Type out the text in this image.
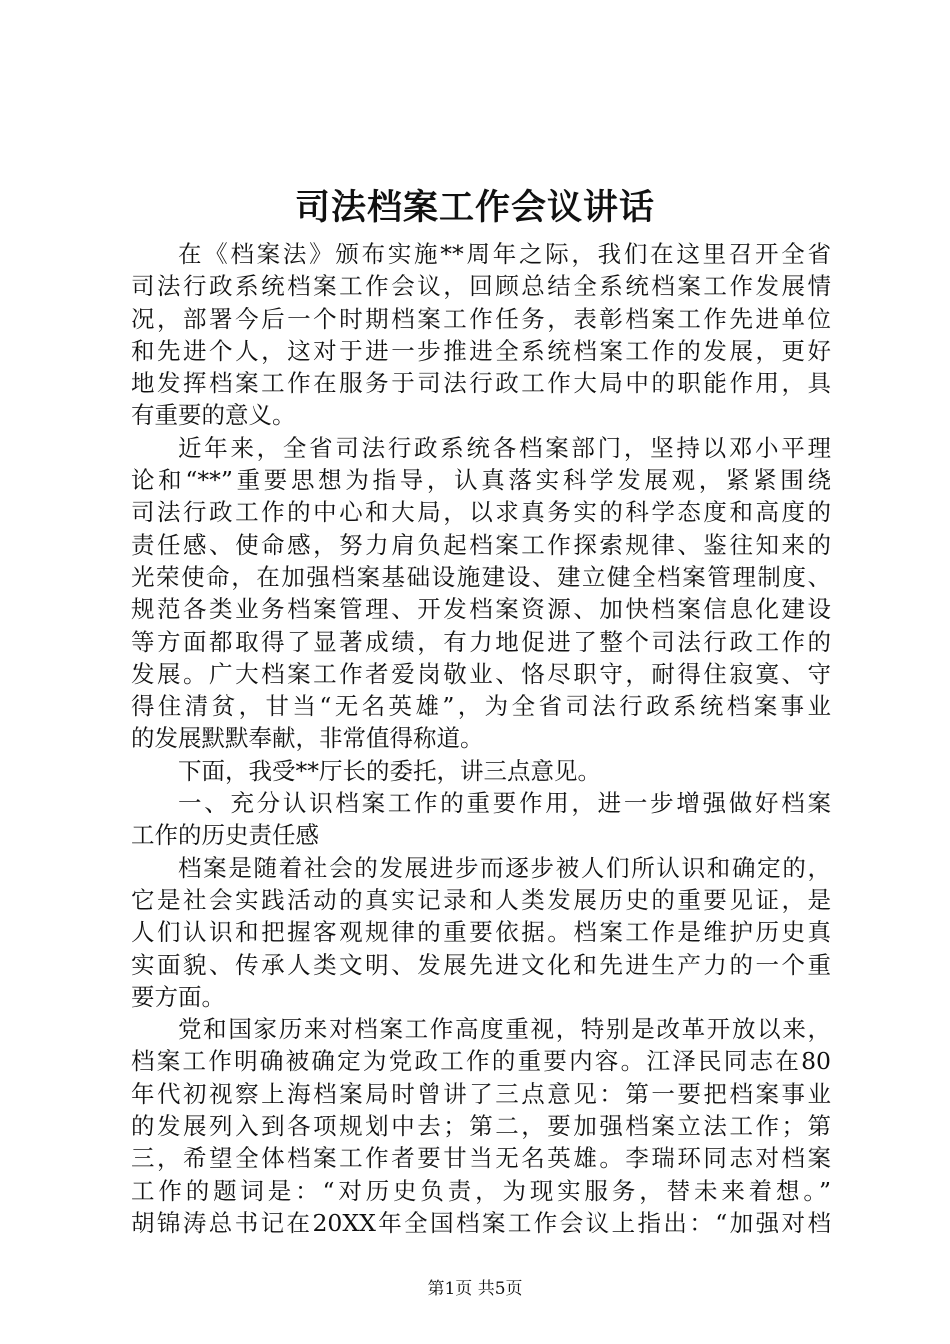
司法档案工作会议讲话
在《档案法》颁布实施**周年之际，我们在这里召开全省
司法行政系统档案工作会议，回顾总结全系统档案工作发展情
况，部署今后一个时期档案工作任务，表彰档案工作先进单位
和先进个人，这对于进一步推进全系统档案工作的发展，更好
地发挥档案工作在服务于司法行政工作大局中的职能作用，具
有重要的意义。
近年来，全省司法行政系统各档案部门，坚持以邓小平理
论和“**”重要思想为指导，认真落实科学发展观，紧紧围绕
司法行政工作的中心和大局，以求真务实的科学态度和高度的
责任感、使命感，努力肩负起档案工作探索规律、鉴往知来的
光荣使命，在加强档案基础设施建设、建立健全档案管理制度、
规范各类业务档案管理、开发档案资源、加快档案信息化建设
等方面都取得了显著成绩，有力地促进了整个司法行政工作的
发展。广大档案工作者爱岗敬业、恪尽职守，耐得住寂寞、守
得住清贫，甘当“无名英雄”，为全省司法行政系统档案事业
的发展默默奉献，非常值得称道。
下面，我受**厅长的委托，讲三点意见。
一、充分认识档案工作的重要作用，进一步增强做好档案
工作的历史责任感
档案是随着社会的发展进步而逐步被人们所认识和确定的，
它是社会实践活动的真实记录和人类发展历史的重要见证，是
人们认识和把握客观规律的重要依据。档案工作是维护历史真
实面貌、传承人类文明、发展先进文化和先进生产力的一个重
要方面。
党和国家历来对档案工作高度重视，特别是改革开放以来，
档案工作明确被确定为党政工作的重要内容。江泽民同志在80
年代初视察上海档案局时曾讲了三点意见：第一要把档案事业
的发展列入到各项规划中去；第二，要加强档案立法工作；第
三，希望全体档案工作者要甘当无名英雄。李瑞环同志对档案
工作的题词是：“对历史负责，为现实服务，替未来着想。”
胡锦涛总书记在20XX年全国档案工作会议上指出：“加强对档
第1页 共5页
